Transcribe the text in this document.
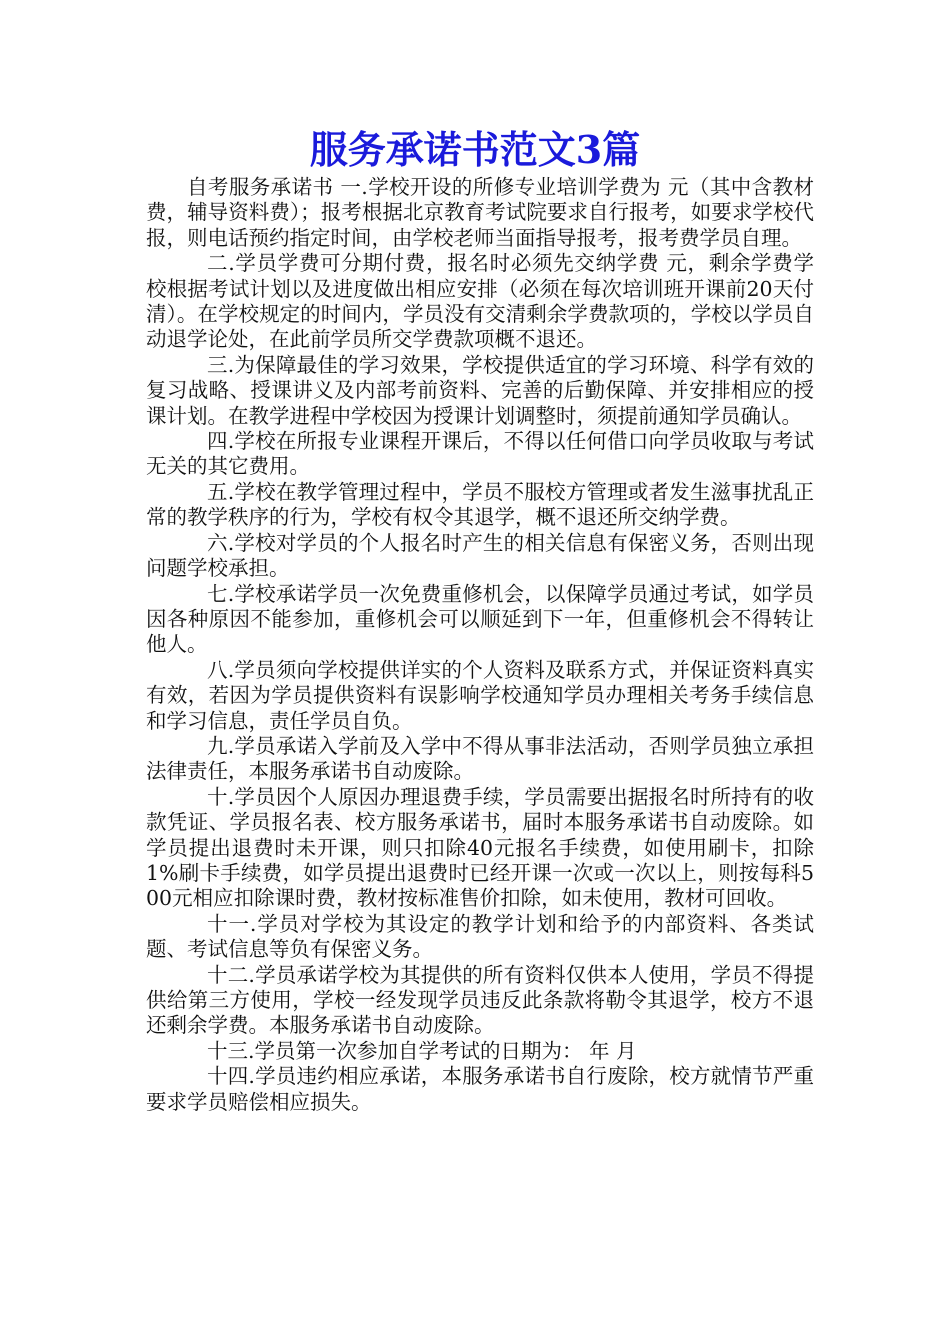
服务承诺书范文3篇

自考服务承诺书 一.学校开设的所修专业培训学费为 元（其中含教材费，辅导资料费）；报考根据北京教育考试院要求自行报考，如要求学校代报，则电话预约指定时间，由学校老师当面指导报考，报考费学员自理。

二.学员学费可分期付费，报名时必须先交纳学费 元，剩余学费学校根据考试计划以及进度做出相应安排（必须在每次培训班开课前20天付清）。在学校规定的时间内，学员没有交清剩余学费款项的，学校以学员自动退学论处，在此前学员所交学费款项概不退还。

三.为保障最佳的学习效果，学校提供适宜的学习环境、科学有效的复习战略、授课讲义及内部考前资料、完善的后勤保障、并安排相应的授课计划。在教学进程中学校因为授课计划调整时，须提前通知学员确认。

四.学校在所报专业课程开课后，不得以任何借口向学员收取与考试无关的其它费用。

五.学校在教学管理过程中，学员不服校方管理或者发生滋事扰乱正常的教学秩序的行为，学校有权令其退学，概不退还所交纳学费。

六.学校对学员的个人报名时产生的相关信息有保密义务，否则出现问题学校承担。

七.学校承诺学员一次免费重修机会，以保障学员通过考试，如学员因各种原因不能参加，重修机会可以顺延到下一年，但重修机会不得转让他人。

八.学员须向学校提供详实的个人资料及联系方式，并保证资料真实有效，若因为学员提供资料有误影响学校通知学员办理相关考务手续信息和学习信息，责任学员自负。

九.学员承诺入学前及入学中不得从事非法活动，否则学员独立承担法律责任，本服务承诺书自动废除。

十.学员因个人原因办理退费手续，学员需要出据报名时所持有的收款凭证、学员报名表、校方服务承诺书，届时本服务承诺书自动废除。如学员提出退费时未开课，则只扣除40元报名手续费，如使用刷卡，扣除1%刷卡手续费，如学员提出退费时已经开课一次或一次以上，则按每科500元相应扣除课时费，教材按标准售价扣除，如未使用，教材可回收。

十一.学员对学校为其设定的教学计划和给予的内部资料、各类试题、考试信息等负有保密义务。

十二.学员承诺学校为其提供的所有资料仅供本人使用，学员不得提供给第三方使用，学校一经发现学员违反此条款将勒令其退学，校方不退还剩余学费。本服务承诺书自动废除。

十三.学员第一次参加自学考试的日期为： 年 月

十四.学员违约相应承诺，本服务承诺书自行废除，校方就情节严重要求学员赔偿相应损失。
